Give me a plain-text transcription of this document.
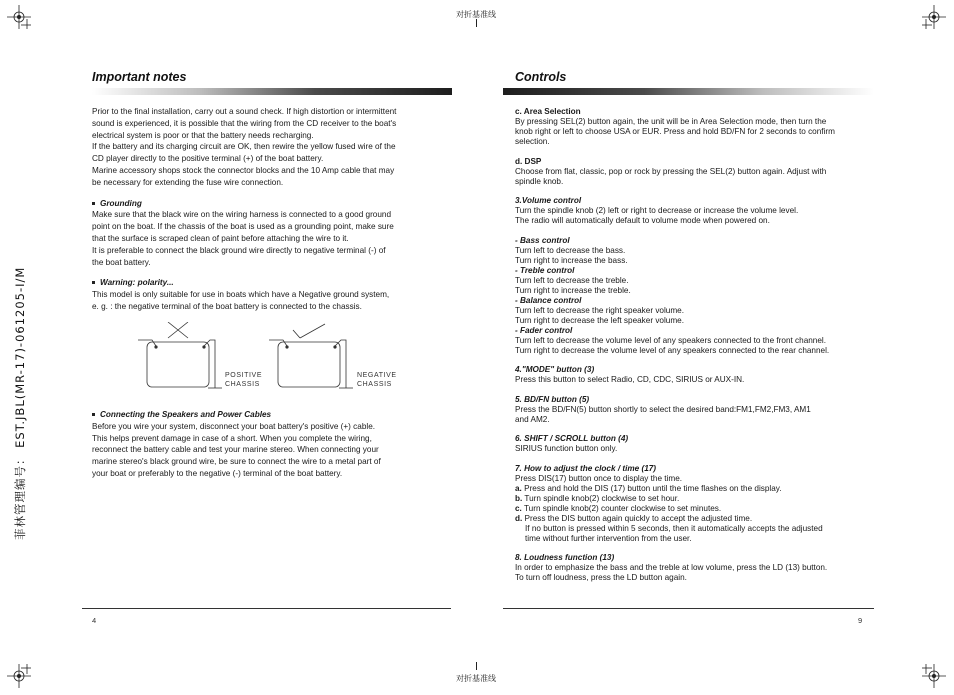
对折基准线
对折基准线
菲林管理编号： EST.JBL(MR-17)-061205-I/M
Important notes

Prior to the final installation, carry out a sound check. If high distortion or intermittent

sound is experienced, it is possible that the wiring from the CD receiver to the boat's

electrical system is poor or that the battery needs recharging.

If the battery and its charging circuit are OK, then rewire the yellow fused wire of the

CD player directly to the positive terminal (+) of the boat battery.

Marine accessory shops stock the connector blocks and the 10 Amp cable that may

be necessary for extending the fuse wire connection.

Grounding

Make sure that the black wire on the wiring harness is connected to a good ground

point on the boat. If the chassis of the boat is used as a grounding point, make sure

that the surface is scraped clean of paint before attaching the wire to it.

It is preferable to connect the black ground wire directly to negative terminal (-) of

the boat battery.

Warning: polarity...

This model is only suitable for use in boats which have a Negative ground system,

e. g. : the negative terminal of the boat battery is connected to the chassis.

POSITIVE
CHASSIS
NEGATIVE
CHASSIS

Connecting the Speakers and Power Cables

Before you wire your system, disconnect your boat battery's positive (+) cable.

This helps prevent damage in case of a short. When you complete the wiring,

reconnect the battery cable and test your marine stereo. When connecting your

marine stereo's black ground wire, be sure to connect the wire to a metal part of

your boat or preferably to the negative (-) terminal of the boat battery.

4
Controls

c. Area Selection

By pressing SEL(2) button again, the unit will be in Area Selection mode, then turn the

knob right or left to choose USA or EUR. Press and hold BD/FN for 2 seconds to confirm

selection.

d. DSP

Choose from flat, classic, pop or rock by pressing the SEL(2) button again. Adjust with

spindle knob.

3.Volume control

Turn the spindle knob (2) left or right to decrease or increase the volume level.

The radio will automatically default to volume mode when powered on.

- Bass control

Turn left to decrease the bass.

Turn right to increase the bass.

- Treble control

Turn left to decrease the treble.

Turn right to increase the treble.

- Balance control

Turn left to decrease the right speaker volume.

Turn right to decrease the left speaker volume.

- Fader control

Turn left to decrease the volume level of any speakers connected to the front channel.

Turn right to decrease the volume level of any speakers connected to the rear channel.

4."MODE" button (3)

Press this button to select Radio, CD, CDC, SIRIUS or AUX-IN.

5. BD/FN button (5)

Press the BD/FN(5) button shortly to select the desired band:FM1,FM2,FM3, AM1

and AM2.

6. SHIFT / SCROLL button (4)

SIRIUS function button only.

7. How to adjust the clock / time (17)

Press DIS(17) button once to display the time.

a. Press and hold the DIS (17) button until the time flashes on the display.

b. Turn spindle knob(2) clockwise to set hour.

c. Turn spindle knob(2) counter clockwise to set minutes.

d. Press the DIS button again quickly to accept the adjusted time.

If no button is pressed within 5 seconds, then it automatically accepts the adjusted

time without further intervention from the user.

8. Loudness function (13)

In order to emphasize the bass and the treble at low volume, press the LD (13) button.

To turn off loudness, press the LD button again.

9
